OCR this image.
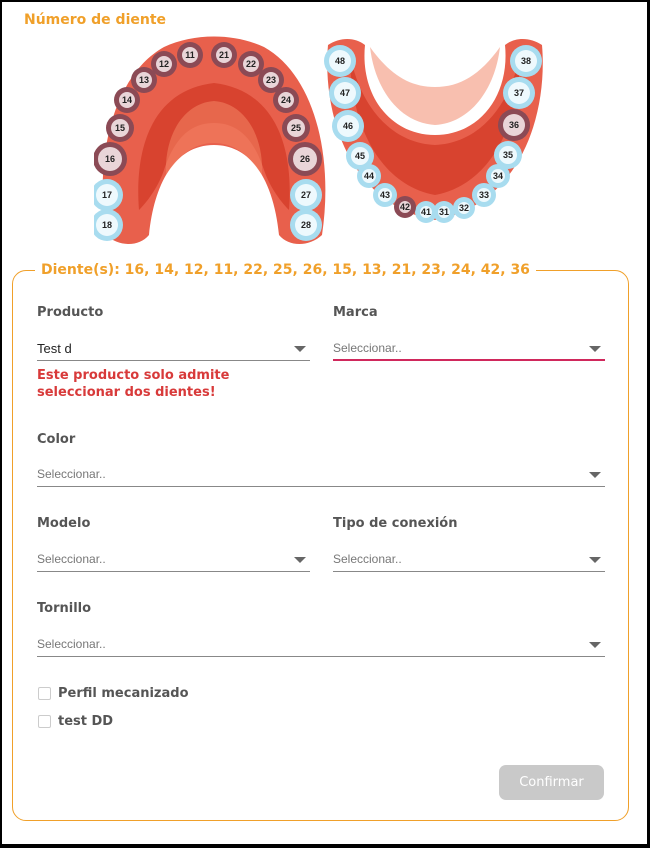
Número de diente
11
12
13
14
15
16
17
18
21
22
23
24
25
26
27
28
31 32
33
34
35
36
37
38
41
42
43
44
45
46
47
48
Diente(s): 16, 14, 12, 11, 22, 25, 26, 15, 13, 21, 23, 24, 42, 36
Producto
Test d
Este producto solo admite seleccionar dos dientes!
Marca
Seleccionar..
Color
Seleccionar..
Modelo
Seleccionar..
Tipo de conexión
Seleccionar..
Tornillo
Seleccionar..
Perfil mecanizado
test DD
Confirmar
